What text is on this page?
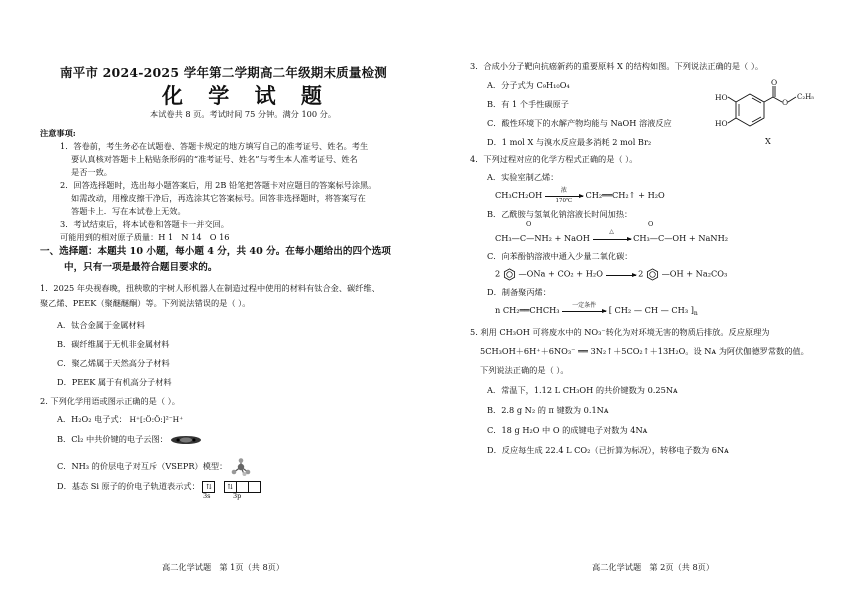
南平市 2024-2025 学年第二学期高二年级期末质量检测
化 学 试 题
本试卷共 8 页。考试时间 75 分钟。满分 100 分。
注意事项:
1．答卷前，考生务必在试题卷、答题卡规定的地方填写自己的准考证号、姓名。考生
要认真核对答题卡上粘贴条形码的“准考证号、姓名”与考生本人准考证号、姓名
是否一致。
2．回答选择题时，选出每小题答案后，用 2B 铅笔把答题卡对应题目的答案标号涂黑。
如需改动，用橡皮擦干净后，再选涂其它答案标号。回答非选择题时，将答案写在
答题卡上．写在本试卷上无效。
3．考试结束后，将本试卷和答题卡一并交回。
可能用到的相对原子质量：H 1　N 14　O 16
一、选择题：本题共 10 小题，每小题 4 分，共 40 分。在每小题给出的四个选项
中，只有一项是最符合题目要求的。
1．2025 年央视春晚，扭秧歌的宇树人形机器人在制造过程中使用的材料有钛合金、碳纤维、
聚乙烯、PEEK（聚醚醚酮）等。下列说法错误的是（ ）。
A．钛合金属于金属材料
B．碳纤维属于无机非金属材料
C．聚乙烯属于天然高分子材料
D．PEEK 属于有机高分子材料
2. 下列化学用语或图示正确的是（ ）。
A．H₂O₂ 电子式： H⁺[:Ö:Ö:]²⁻H⁺
B．Cl₂ 中共价键的电子云图：
C．NH₃ 的价层电子对互斥（VSEPR）模型：
D．基态 Si 原子的价电子轨道表示式： ⇅ ⇅
3s	3p
高二化学试题　第 1页（共 8页）
3．合成小分子靶向抗癌新药的重要原料 X 的结构如图。下列说法正确的是（ ）。
A．分子式为 C₉H₁₀O₄
B．有 1 个手性碳原子
C．酸性环境下的水解产物均能与 NaOH 溶液反应
D．1 mol X 与溴水反应最多消耗 2 mol Br₂
HO
HO
O
O
C₂H₅
X
4．下列过程对应的化学方程式正确的是（ ）。
A．实验室制乙烯：
CH₃CH₂OH	浓
170℃
CH₂══CH₂↑ + H₂O
B．乙酰胺与氢氧化钠溶液长时间加热：
O	O
CH₃—C—NH₂ + NaOH
△
CH₃—C—OH + NaNH₂
C．向苯酚钠溶液中通入少量二氧化碳：
2 —ONa + CO₂ + H₂O → 2 —OH + Na₂CO₃
D．制备聚丙烯：
n CH₂══CHCH₃	一定条件	[ CH₂ — CH — CH₃ ]$_n$
5. 利用 CH₃OH 可将废水中的 NO₃⁻转化为对环境无害的物质后排放。反应原理为
5CH₃OH＋6H⁺＋6NO₃⁻ ══ 3N₂↑＋5CO₂↑＋13H₂O。设 Nᴀ 为阿伏伽德罗常数的值。
下列说法正确的是（ ）。
A．常温下，1.12 L CH₃OH 的共价键数为 0.25Nᴀ
B．2.8 g N₂ 的 π 键数为 0.1Nᴀ
C．18 g H₂O 中 O 的成键电子对数为 4Nᴀ
D．反应每生成 22.4 L CO₂（已折算为标况），转移电子数为 6Nᴀ
高二化学试题　第 2页（共 8页）
